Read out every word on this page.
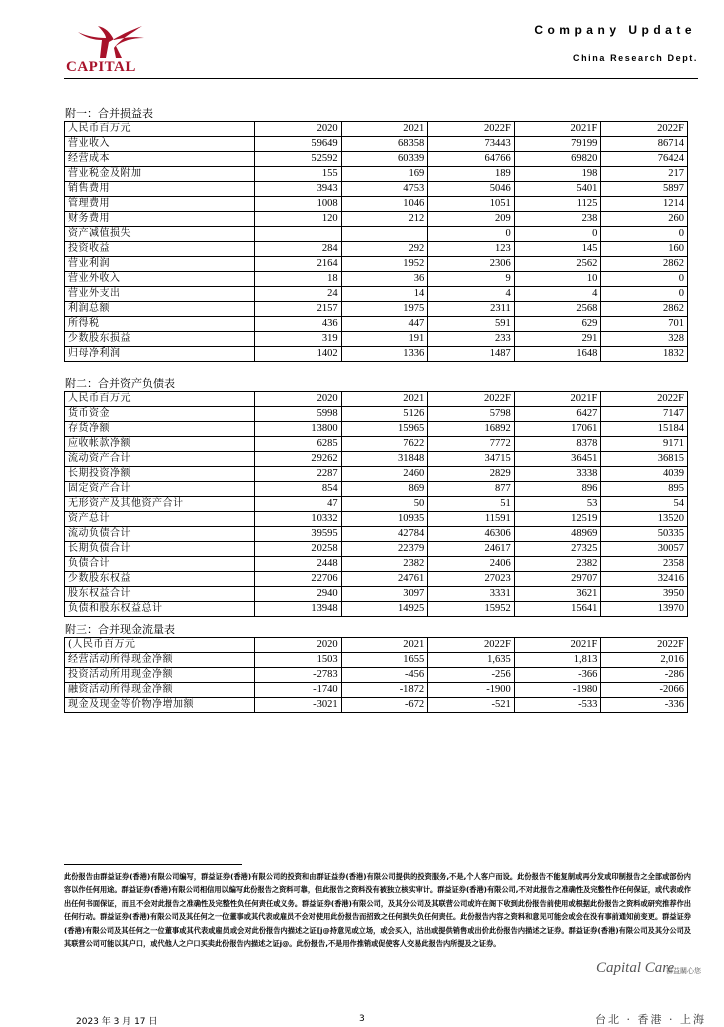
CAPITAL
Company Update
China Research Dept.
附一：合并损益表
人民币百万元	2020	2021	2022F	2021F	2022F
营业收入	59649	68358	73443	79199	86714
经营成本	52592	60339	64766	69820	76424
营业税金及附加	155	169	189	198	217
销售费用	3943	4753	5046	5401	5897
管理费用	1008	1046	1051	1125	1214
财务费用	120	212	209	238	260
资产减值损失			0	0	0
投资收益	284	292	123	145	160
营业利润	2164	1952	2306	2562	2862
营业外收入	18	36	9	10	0
营业外支出	24	14	4	4	0
利润总额	2157	1975	2311	2568	2862
所得税	436	447	591	629	701
少数股东损益	319	191	233	291	328
归母净利润	1402	1336	1487	1648	1832
附二：合并资产负债表
人民币百万元	2020	2021	2022F	2021F	2022F
货币资金	5998	5126	5798	6427	7147
存货净额	13800	15965	16892	17061	15184
应收帐款净额	6285	7622	7772	8378	9171
流动资产合计	29262	31848	34715	36451	36815
长期投资净额	2287	2460	2829	3338	4039
固定资产合计	854	869	877	896	895
无形资产及其他资产合计	47	50	51	53	54
资产总计	10332	10935	11591	12519	13520
流动负债合计	39595	42784	46306	48969	50335
长期负债合计	20258	22379	24617	27325	30057
负债合计	2448	2382	2406	2382	2358
少数股东权益	22706	24761	27023	29707	32416
股东权益合计	2940	3097	3331	3621	3950
负债和股东权益总计	13948	14925	15952	15641	13970
附三：合并现金流量表
(人民币百万元	2020	2021	2022F	2021F	2022F
经营活动所得现金净额	1503	1655	1,635	1,813	2,016
投资活动所用现金净额	-2783	-456	-256	-366	-286
融资活动所得现金净额	-1740	-1872	-1900	-1980	-2066
现金及现金等价物净增加额	-3021	-672	-521	-533	-336
此份报告由群益证券(香港)有限公司编写，群益证券(香港)有限公司的投资和由群证益券(香港)有限公司提供的投资服务,不是,个人客户而设。此份报告不能复制或再分发或印制报告之全部或部份内容以作任何用途。群益证券(香港)有限公司相信用以编写此份报告之资料可靠，但此报告之资料没有被独立核实审计。群益证券(香港)有限公司,不对此报告之准确性及完整性作任何保证，或代表或作出任何书面保证，而且不会对此报告之准确性及完整性负任何责任或义务。群益证券(香港)有限公司，及其分公司及其联营公司或许在阁下收到此份报告前使用或根据此份报告之资料或研究推荐作出任何行动。群益证券(香港)有限公司及其任何之一位董事或其代表或雇员不会对使用此份报告而招致之任何损失负任何责任。此份报告内容之资料和意见可能会或会在没有事前通知前变更。群益证券(香港)有限公司及其任何之一位董事或其代表或雇员或会对此份报告内描述之证[j@持意见或立场，或会买入，沽出或提供销售或出价此份报告内描述之证券。群益证券(香港)有限公司及其分公司及其联营公司可能以其户口，或代他人之户口买卖此份报告内描述之证j@。此份报告,不是用作推销或促使客人交易此报告内所提及之证券。
Capital Care
群益關心您
2023 年 3 月 17 日	3	台北 · 香港 · 上海
